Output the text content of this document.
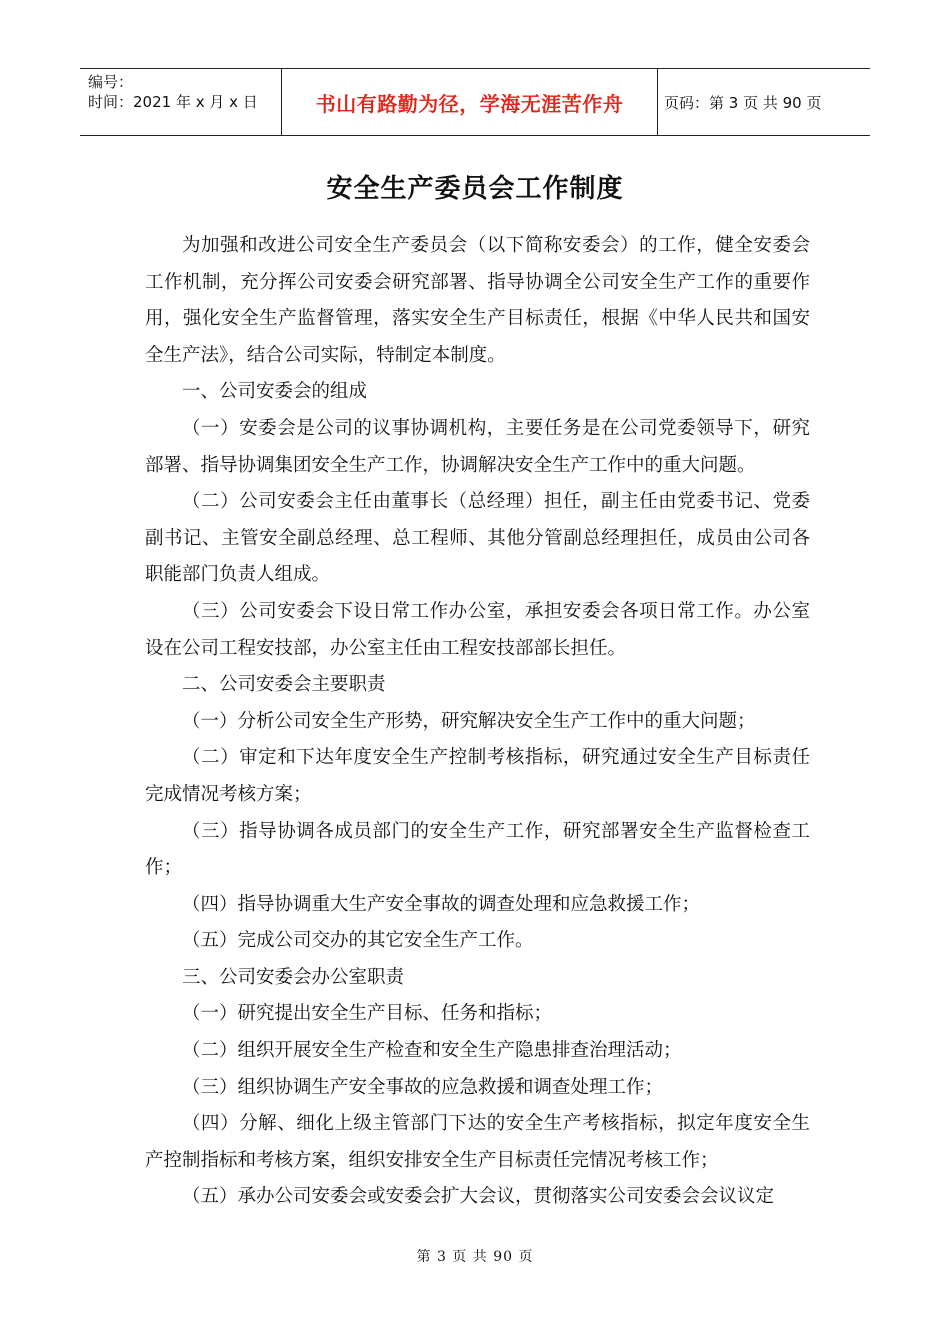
编号：
时间：2021 年 x 月 x 日	书山有路勤为径，学海无涯苦作舟	页码：第 3 页 共 90 页
安全生产委员会工作制度

为加强和改进公司安全生产委员会（以下简称安委会）的工作，健全安委会工作机制，充分挥公司安委会研究部署、指导协调全公司安全生产工作的重要作用，强化安全生产监督管理，落实安全生产目标责任，根据《中华人民共和国安全生产法》，结合公司实际，特制定本制度。

一、公司安委会的组成

（一）安委会是公司的议事协调机构，主要任务是在公司党委领导下，研究部署、指导协调集团安全生产工作，协调解决安全生产工作中的重大问题。

（二）公司安委会主任由董事长（总经理）担任，副主任由党委书记、党委副书记、主管安全副总经理、总工程师、其他分管副总经理担任，成员由公司各职能部门负责人组成。

（三）公司安委会下设日常工作办公室，承担安委会各项日常工作。办公室设在公司工程安技部，办公室主任由工程安技部部长担任。

二、公司安委会主要职责

（一）分析公司安全生产形势，研究解决安全生产工作中的重大问题；

（二）审定和下达年度安全生产控制考核指标，研究通过安全生产目标责任完成情况考核方案；

（三）指导协调各成员部门的安全生产工作，研究部署安全生产监督检查工作；

（四）指导协调重大生产安全事故的调查处理和应急救援工作；

（五）完成公司交办的其它安全生产工作。

三、公司安委会办公室职责

（一）研究提出安全生产目标、任务和指标；

（二）组织开展安全生产检查和安全生产隐患排查治理活动；

（三）组织协调生产安全事故的应急救援和调查处理工作；

（四）分解、细化上级主管部门下达的安全生产考核指标，拟定年度安全生产控制指标和考核方案，组织安排安全生产目标责任完情况考核工作；

（五）承办公司安委会或安委会扩大会议，贯彻落实公司安委会会议议定

第 3 页 共 90 页
